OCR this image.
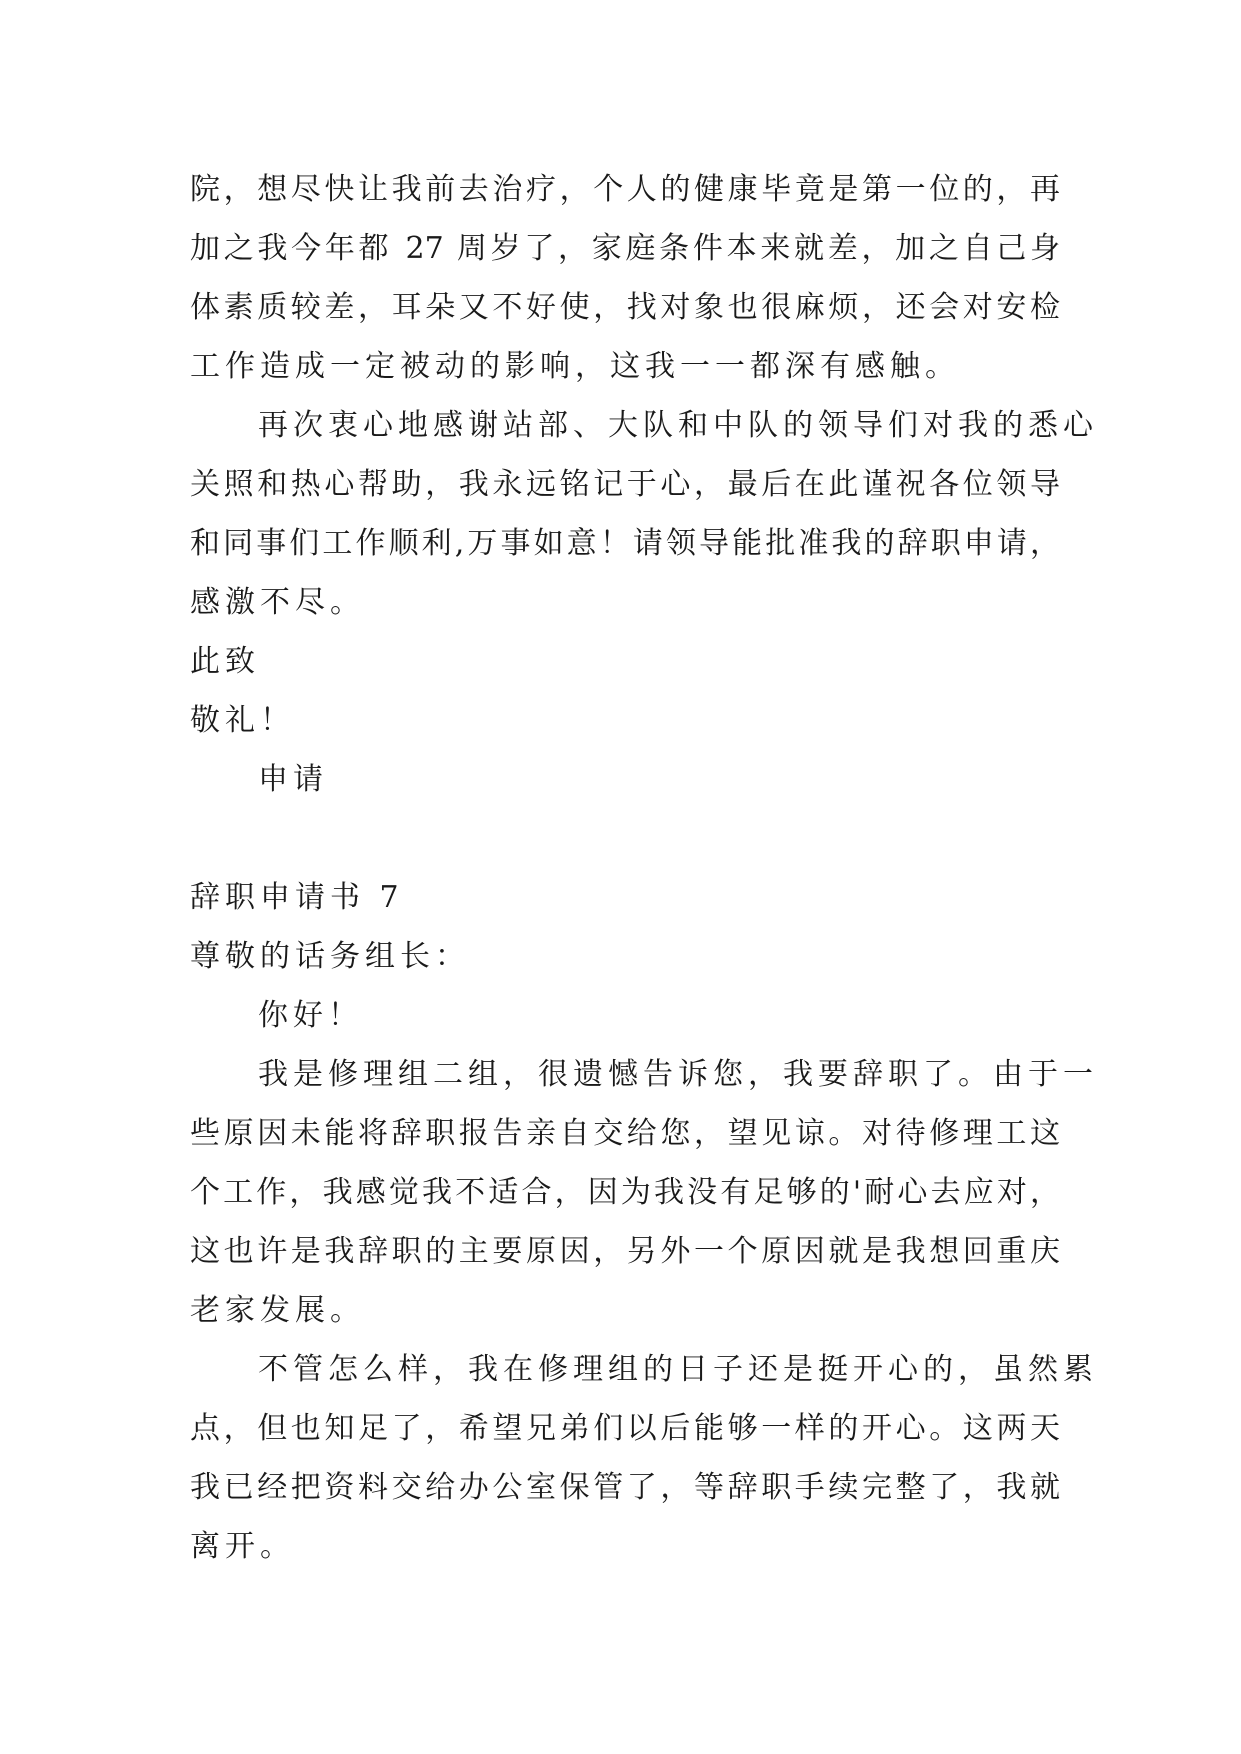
院，想尽快让我前去治疗，个人的健康毕竟是第一位的，再
加之我今年都 27 周岁了，家庭条件本来就差，加之自己身
体素质较差，耳朵又不好使，找对象也很麻烦，还会对安检
工作造成一定被动的影响，这我一一都深有感触。
再次衷心地感谢站部、大队和中队的领导们对我的悉心
关照和热心帮助，我永远铭记于心，最后在此谨祝各位领导
和同事们工作顺利,万事如意！请领导能批准我的辞职申请，
感激不尽。
此致
敬礼！
申请
辞职申请书 7
尊敬的话务组长：
你好！
我是修理组二组，很遗憾告诉您，我要辞职了。由于一
些原因未能将辞职报告亲自交给您，望见谅。对待修理工这
个工作，我感觉我不适合，因为我没有足够的'耐心去应对，
这也许是我辞职的主要原因，另外一个原因就是我想回重庆
老家发展。
不管怎么样，我在修理组的日子还是挺开心的，虽然累
点，但也知足了，希望兄弟们以后能够一样的开心。这两天
我已经把资料交给办公室保管了，等辞职手续完整了，我就
离开。
